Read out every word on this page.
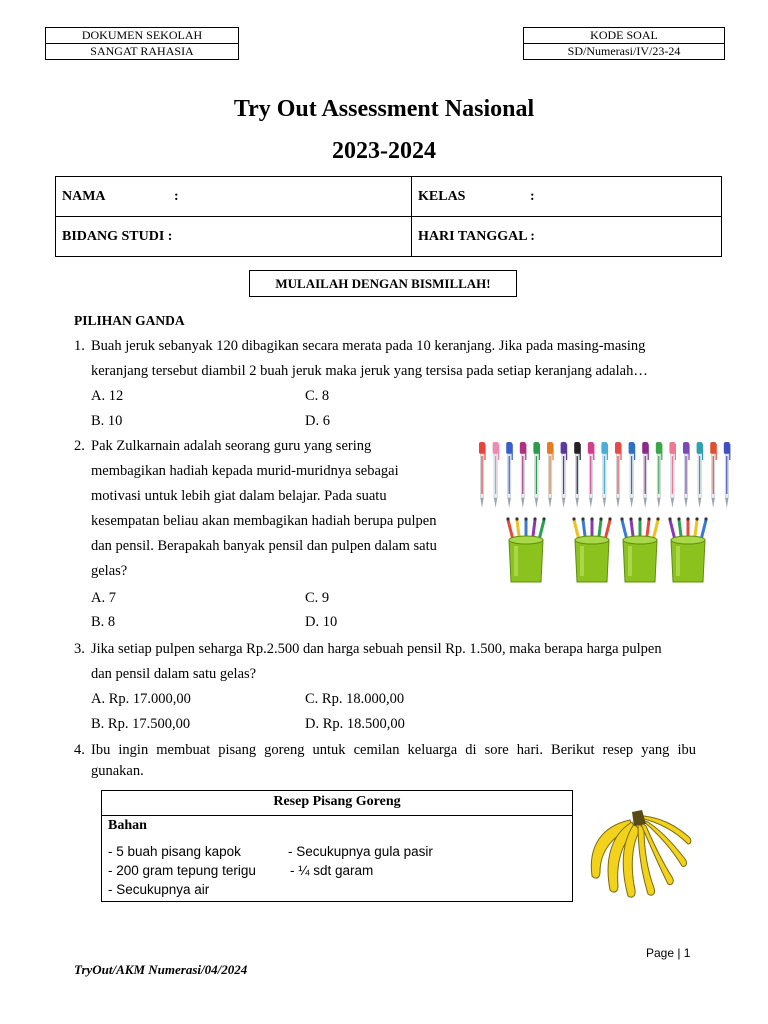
DOKUMEN SEKOLAH
SANGAT RAHASIA
KODE SOAL
SD/Numerasi/IV/23-24
Try Out Assessment Nasional
2023-2024
NAMA :	KELAS :
BIDANG STUDI :	HARI TANGGAL :
MULAILAH DENGAN BISMILLAH!
PILIHAN GANDA
1. Buah jeruk sebanyak 120 dibagikan secara merata pada 10 keranjang. Jika pada masing-masing
keranjang tersebut diambil 2 buah jeruk maka jeruk yang tersisa pada setiap keranjang adalah…
A. 12	C. 8
B. 10	D. 6
2. Pak Zulkarnain adalah seorang guru yang sering
membagikan hadiah kepada murid-muridnya sebagai
motivasi untuk lebih giat dalam belajar. Pada suatu
kesempatan beliau akan membagikan hadiah berupa pulpen
dan pensil. Berapakah banyak pensil dan pulpen dalam satu
gelas?
A. 7	C. 9
B. 8	D. 10
3. Jika setiap pulpen seharga Rp.2.500 dan harga sebuah pensil Rp. 1.500, maka berapa harga pulpen
dan pensil dalam satu gelas?
A. Rp. 17.000,00	C. Rp. 18.000,00
B. Rp. 17.500,00	D. Rp. 18.500,00
4. Ibu ingin membuat pisang goreng untuk cemilan keluarga di sore hari. Berikut resep yang ibu
gunakan.
Resep Pisang Goreng
Bahan
- 5 buah pisang kapok
- 200 gram tepung terigu
- Secukupnya air
- Secukupnya gula pasir
- ¼ sdt garam
Page | 1
TryOut/AKM Numerasi/04/2024
